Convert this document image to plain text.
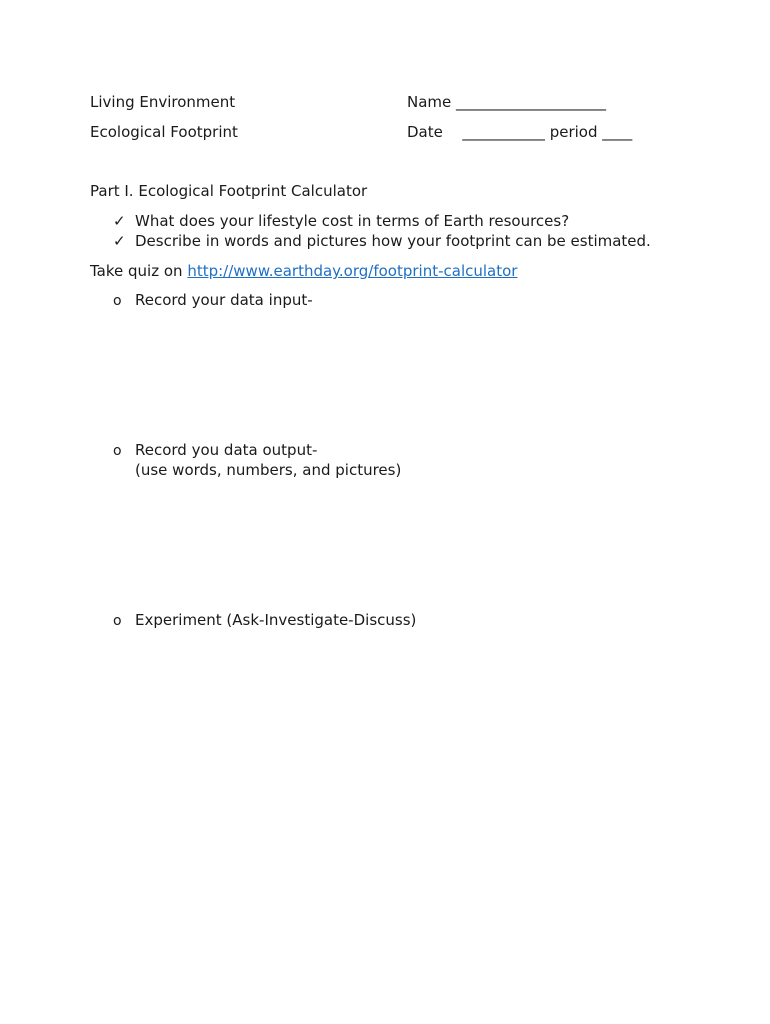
Living Environment
Ecological Footprint
Name ____________________
Date ___________ period ____
Part I. Ecological Footprint Calculator
✓ What does your lifestyle cost in terms of Earth resources?
✓ Describe in words and pictures how your footprint can be estimated.
Take quiz on http://www.earthday.org/footprint-calculator
o Record your data input-
o Record you data output-
(use words, numbers, and pictures)
o Experiment (Ask-Investigate-Discuss)
